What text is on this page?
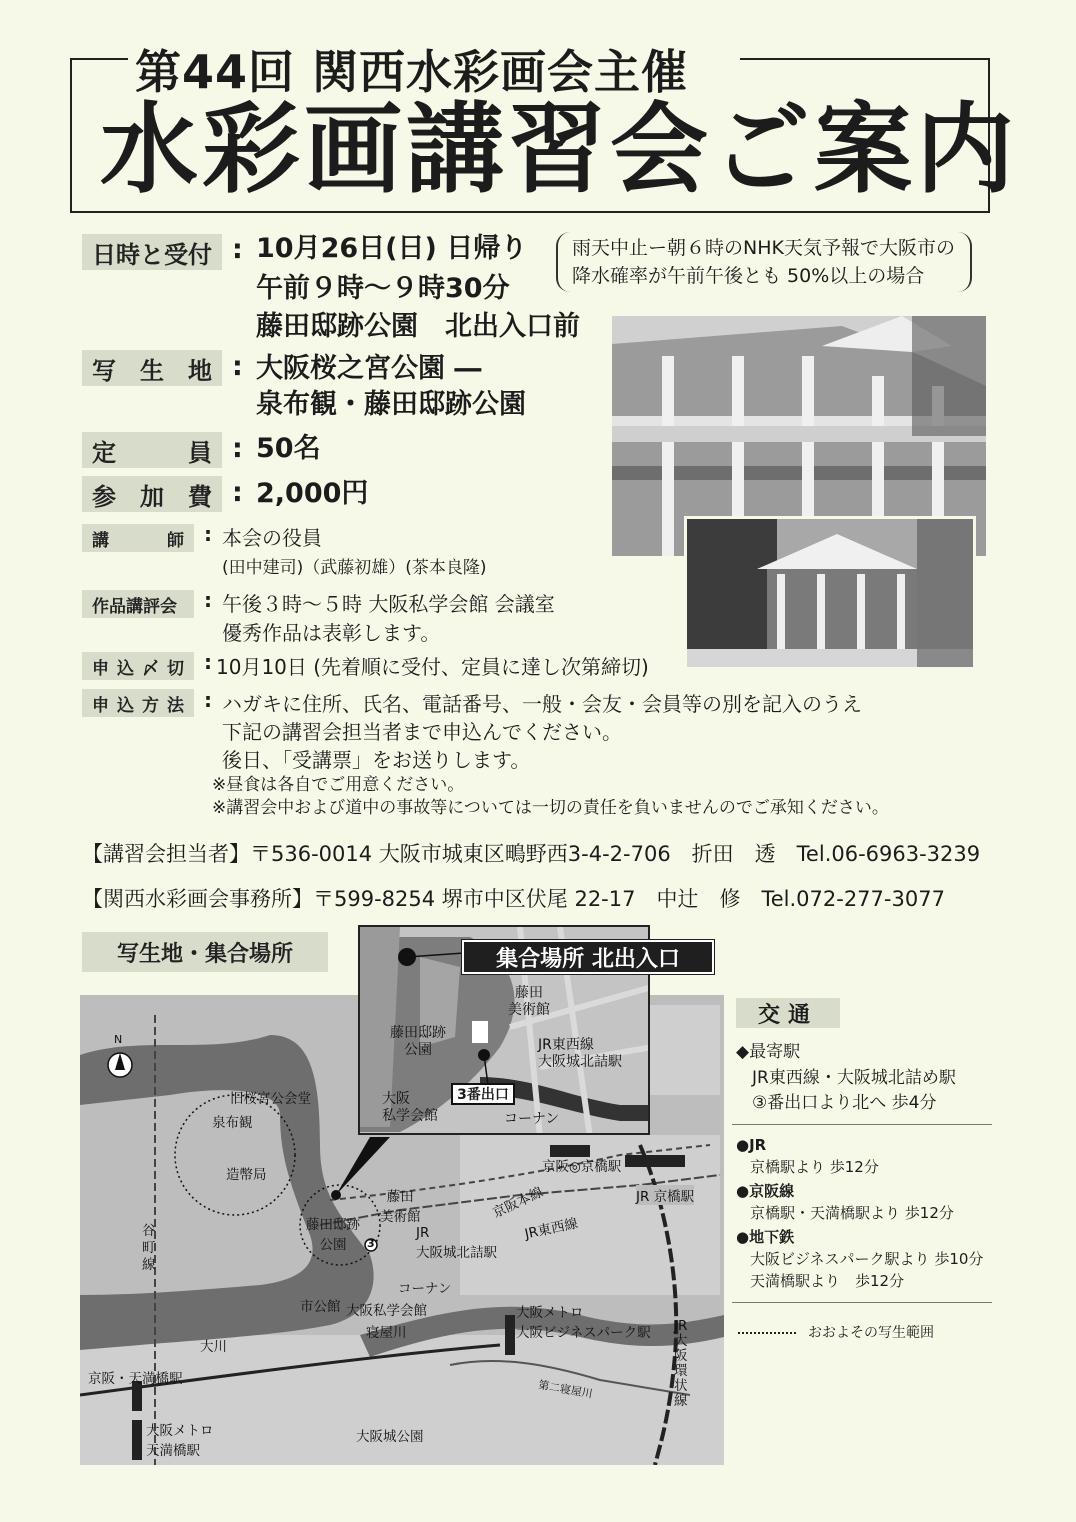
第44回 関西水彩画会主催
水彩画講習会ご案内
日時と受付 : 10月26日(日) 日帰り
午前９時～９時30分
藤田邸跡公園　北出入口前
雨天中止ー朝６時のNHK天気予報で大阪市の
降水確率が午前午後とも 50%以上の場合
写 生 地 : 大阪桜之宮公園 ―
泉布観・藤田邸跡公園
定	員 : 50名
参 加 費 : 2,000円
講	師 : 本会の役員
(田中建司)（武藤初雄）(茶本良隆)
作品講評会 : 午後３時～５時 大阪私学会館 会議室
優秀作品は表彰します。
申 込 〆 切 : 10月10日 (先着順に受付、定員に達し次第締切)
申 込 方 法 : ハガキに住所、氏名、電話番号、一般・会友・会員等の別を記入のうえ
下記の講習会担当者まで申込んでください。
後日、「受講票」をお送りします。
※昼食は各自でご用意ください。
※講習会中および道中の事故等については一切の責任を負いませんのでご承知ください。
【講習会担当者】〒536-0014 大阪市城東区鴫野西3-4-2-706　折田　透　Tel.06-6963-3239
【関西水彩画会事務所】〒599-8254 堺市中区伏尾 22-17　中辻　修　Tel.072-277-3077
写生地・集合場所
N
旧桜宮公会堂
泉布観
造幣局
谷町線
藤田
美術館
藤田邸跡
公園
JR
大阪城北詰駅
コーナン
市公館 大阪私学会館
大川
寝屋川
京阪・天満橋駅
大阪メトロ
天満橋駅
京阪◎京橋駅
京阪本線
JR東西線
JR 京橋駅
大阪メトロ
大阪ビジネスパーク駅 JR大阪環状線
第二寝屋川
大阪城公園
3
藤田
美術館
藤田邸跡
公園	JR東西線
大阪城北詰駅
大阪
私学会館	コーナン
集合場所 北出入口
3番出口
交通
◆最寄駅
JR東西線・大阪城北詰め駅
③番出口より北へ 歩4分
●JR
京橋駅より 歩12分
●京阪線
京橋駅・天満橋駅より 歩12分
●地下鉄
大阪ビジネスパーク駅より 歩10分
天満橋駅より　歩12分
おおよその写生範囲
